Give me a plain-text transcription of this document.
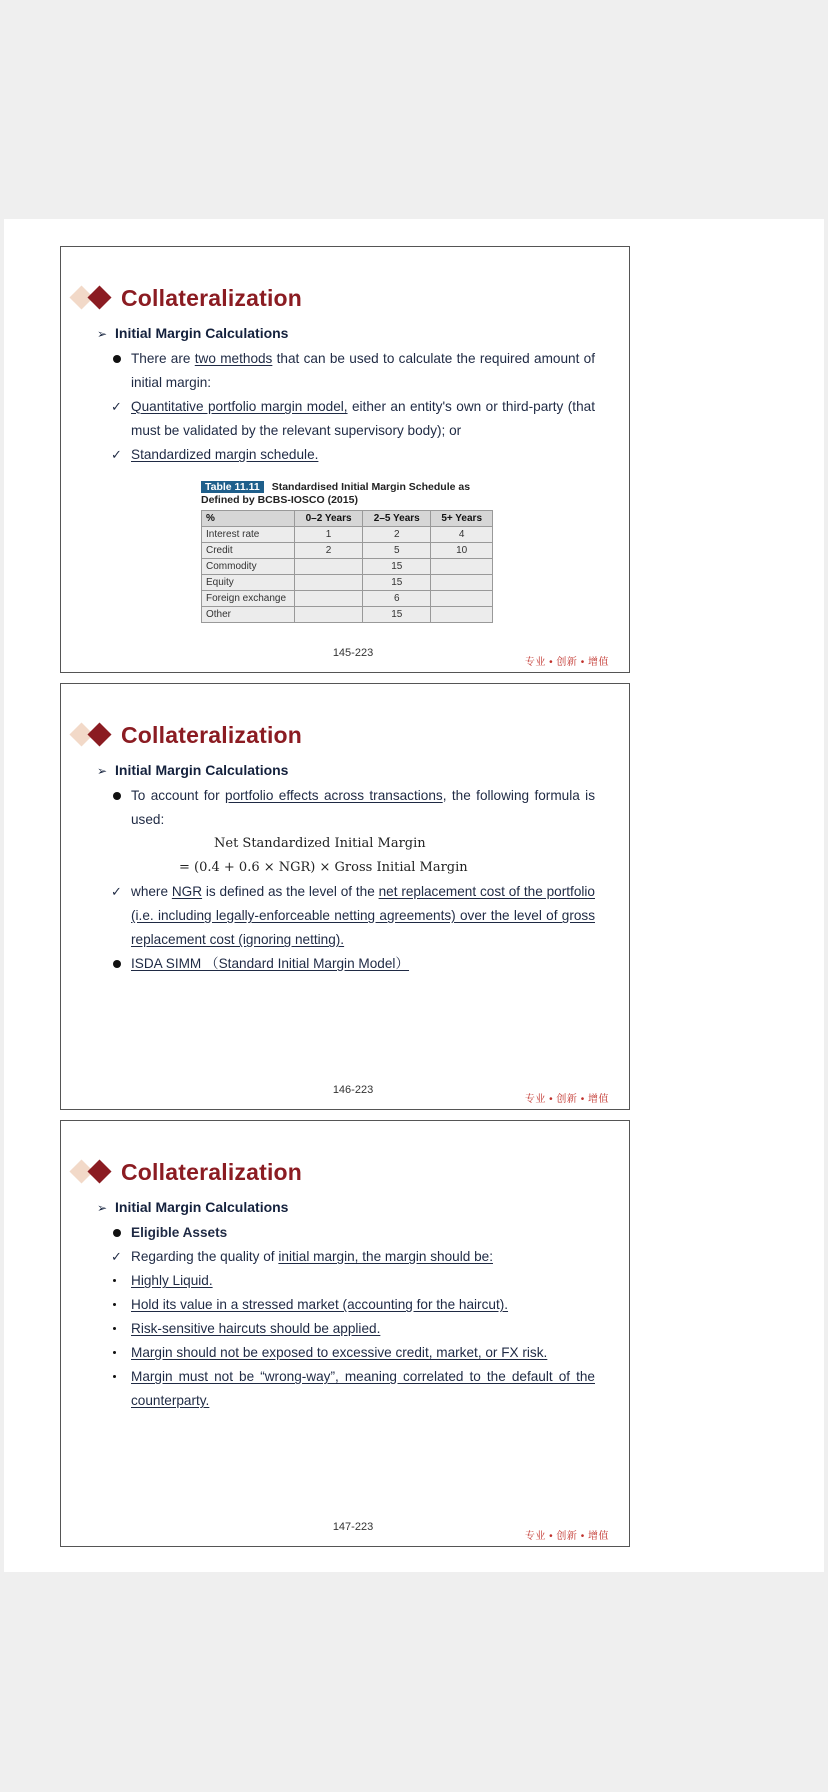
Collateralization
➢ Initial Margin Calculations
There are two methods that can be used to calculate the required amount of initial margin:
✓ Quantitative portfolio margin model, either an entity's own or third-party (that must be validated by the relevant supervisory body); or
✓ Standardized margin schedule.
Table 11.11 Standardised Initial Margin Schedule as
Defined by BCBS-IOSCO (2015)
%	0–2 Years	2–5 Years	5+ Years
Interest rate	1	2	4
Credit	2	5	10
Commodity		15	
Equity		15	
Foreign exchange		6	
Other		15	
145-223
专业 • 创新 • 增值
Collateralization
➢ Initial Margin Calculations
To account for portfolio effects across transactions, the following formula is used:
Net Standardized Initial Margin
= (0.4 + 0.6 × NGR) × Gross Initial Margin
✓ where NGR is defined as the level of the net replacement cost of the portfolio (i.e. including legally-enforceable netting agreements) over the level of gross replacement cost (ignoring netting).
ISDA SIMM （Standard Initial Margin Model）
146-223
专业 • 创新 • 增值
Collateralization
➢ Initial Margin Calculations
Eligible Assets
✓ Regarding the quality of initial margin, the margin should be:
Highly Liquid.
Hold its value in a stressed market (accounting for the haircut).
Risk-sensitive haircuts should be applied.
Margin should not be exposed to excessive credit, market, or FX risk.
Margin must not be “wrong-way”, meaning correlated to the default of the counterparty.
147-223
专业 • 创新 • 增值
